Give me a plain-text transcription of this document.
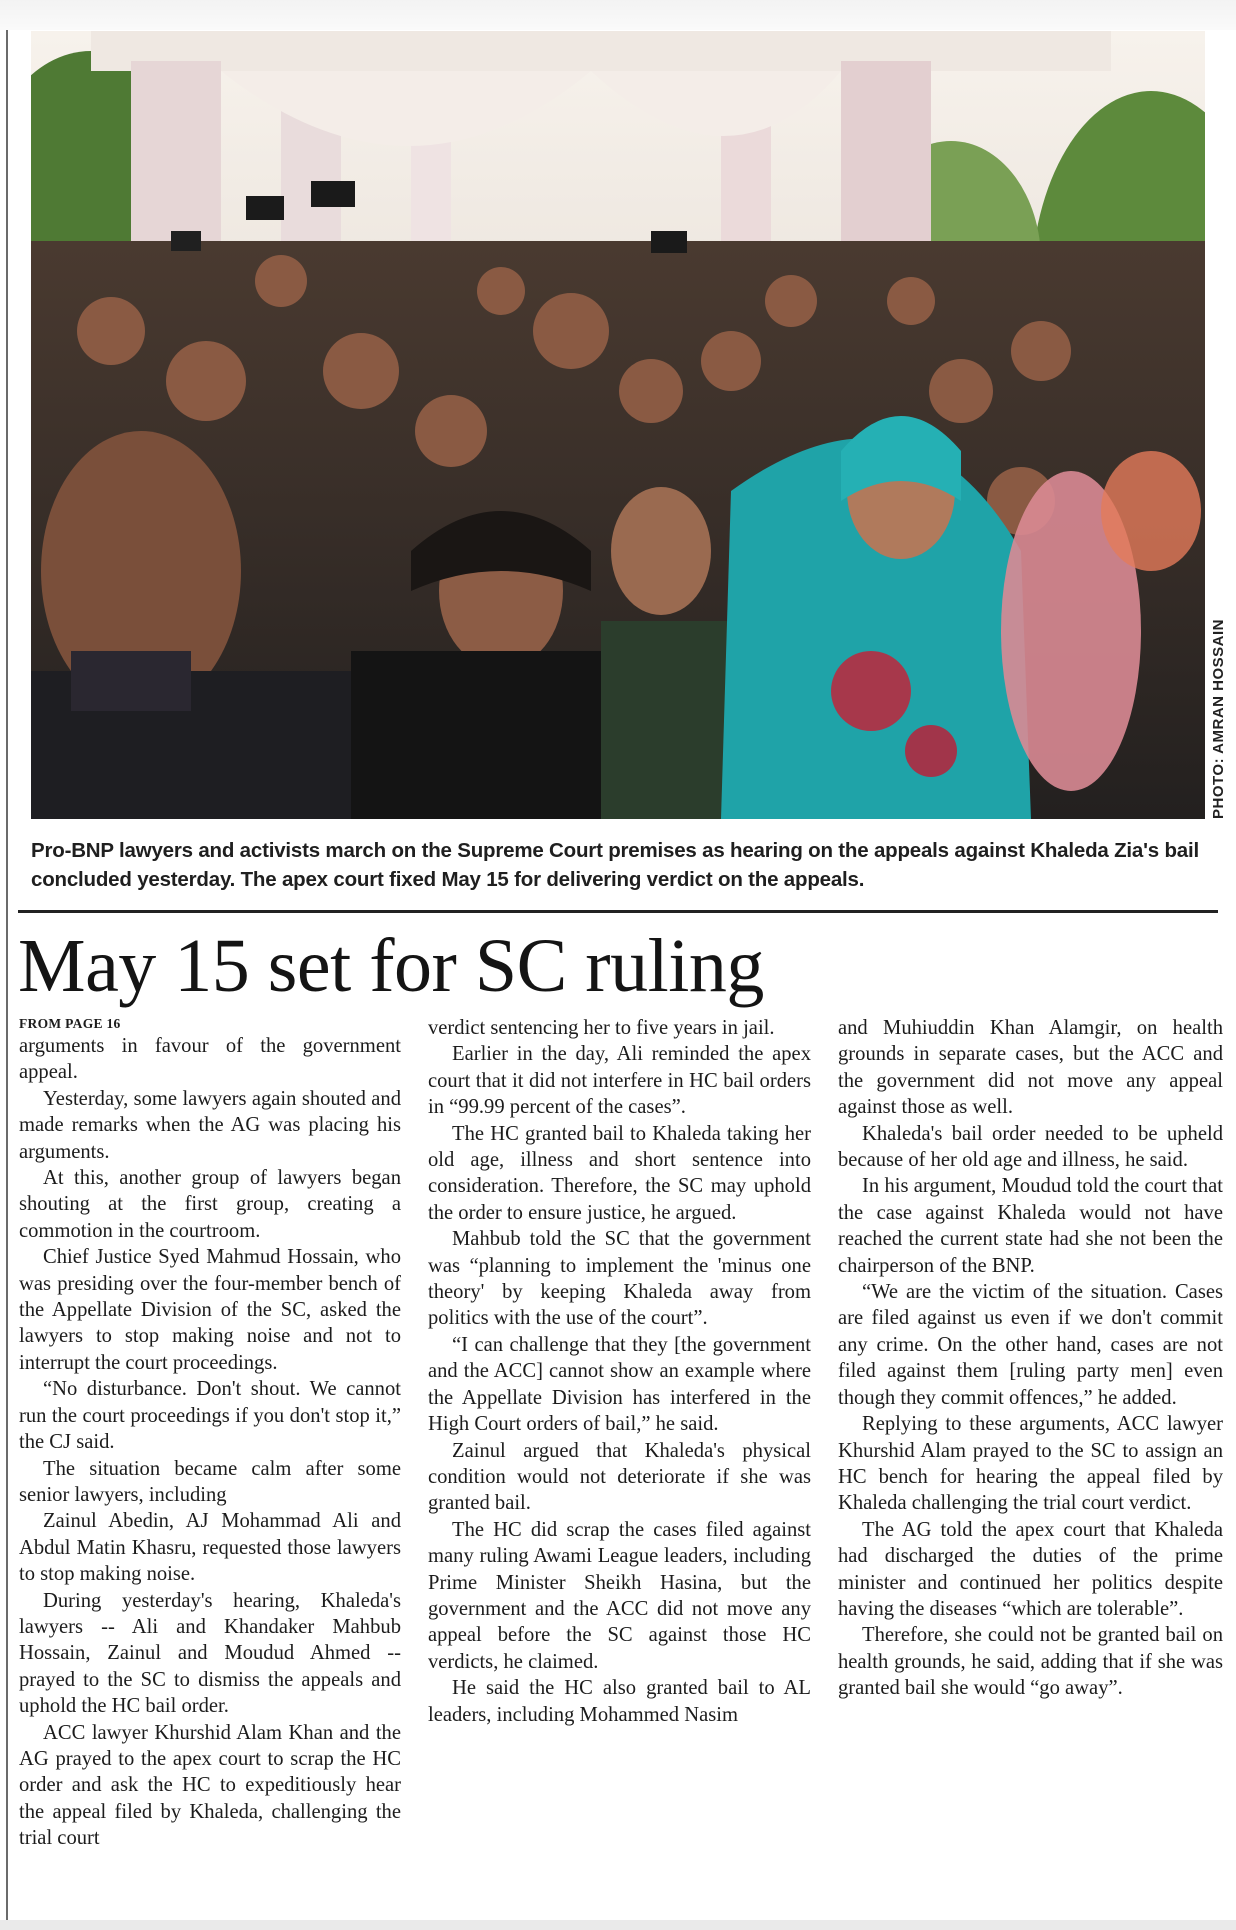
PHOTO: AMRAN HOSSAIN
Pro-BNP lawyers and activists march on the Supreme Court premises as hearing on the appeals against Khaleda Zia's bail concluded yesterday. The apex court fixed May 15 for delivering verdict on the appeals.
May 15 set for SC ruling
FROM PAGE 16

arguments in favour of the government appeal.

Yesterday, some lawyers again shouted and made remarks when the AG was placing his arguments.

At this, another group of lawyers began shouting at the first group, creating a commotion in the courtroom.

Chief Justice Syed Mahmud Hossain, who was presiding over the four-member bench of the Appellate Division of the SC, asked the lawyers to stop making noise and not to interrupt the court proceedings.

“No disturbance. Don't shout. We cannot run the court proceedings if you don't stop it,” the CJ said.

The situation became calm after some senior lawyers, including

Zainul Abedin, AJ Mohammad Ali and Abdul Matin Khasru, requested those lawyers to stop making noise.

During yesterday's hearing, Khaleda's lawyers -- Ali and Khandaker Mahbub Hossain, Zainul and Moudud Ahmed -- prayed to the SC to dismiss the appeals and uphold the HC bail order.

ACC lawyer Khurshid Alam Khan and the AG prayed to the apex court to scrap the HC order and ask the HC to expeditiously hear the appeal filed by Khaleda, challenging the trial court

verdict sentencing her to five years in jail.

Earlier in the day, Ali reminded the apex court that it did not interfere in HC bail orders in “99.99 percent of the cases”.

The HC granted bail to Khaleda taking her old age, illness and short sentence into consideration. Therefore, the SC may uphold the order to ensure justice, he argued.

Mahbub told the SC that the government was “planning to implement the 'minus one theory' by keeping Khaleda away from politics with the use of the court”.

“I can challenge that they [the government and the ACC] cannot show an example where the Appellate Division has interfered in the High Court orders of bail,” he said.

Zainul argued that Khaleda's physical condition would not deteriorate if she was granted bail.

The HC did scrap the cases filed against many ruling Awami League leaders, including Prime Minister Sheikh Hasina, but the government and the ACC did not move any appeal before the SC against those HC verdicts, he claimed.

He said the HC also granted bail to AL leaders, including Mohammed Nasim

and Muhiuddin Khan Alamgir, on health grounds in separate cases, but the ACC and the government did not move any appeal against those as well.

Khaleda's bail order needed to be upheld because of her old age and illness, he said.

In his argument, Moudud told the court that the case against Khaleda would not have reached the current state had she not been the chairperson of the BNP.

“We are the victim of the situation. Cases are filed against us even if we don't commit any crime. On the other hand, cases are not filed against them [ruling party men] even though they commit offences,” he added.

Replying to these arguments, ACC lawyer Khurshid Alam prayed to the SC to assign an HC bench for hearing the appeal filed by Khaleda challenging the trial court verdict.

The AG told the apex court that Khaleda had discharged the duties of the prime minister and continued her politics despite having the diseases “which are tolerable”.

Therefore, she could not be granted bail on health grounds, he said, adding that if she was granted bail she would “go away”.
